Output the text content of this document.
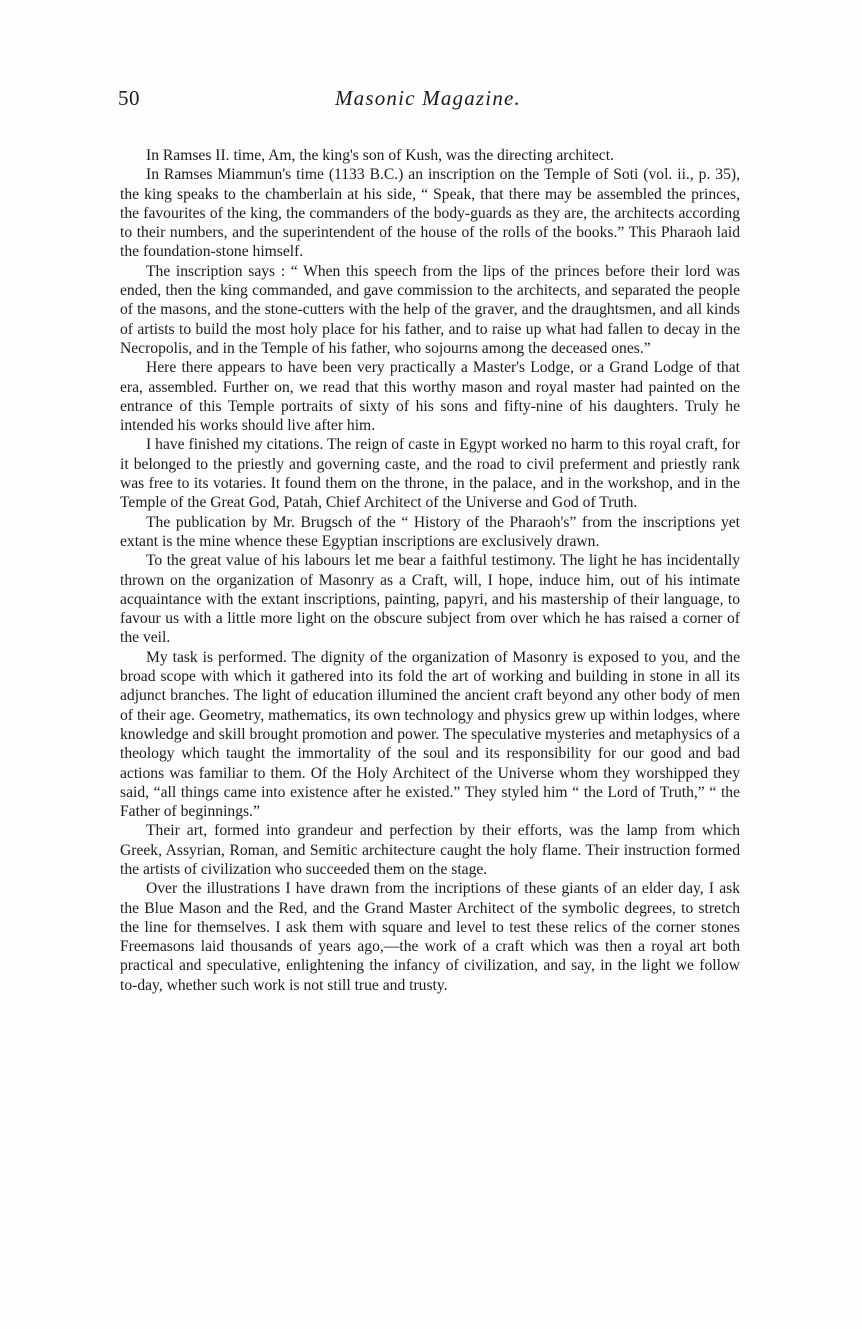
50	Masonic Magazine.

In Ramses II. time, Am, the king's son of Kush, was the directing architect.

In Ramses Miammun's time (1133 B.C.) an inscription on the Temple of Soti (vol. ii., p. 35), the king speaks to the chamberlain at his side, “ Speak, that there may be assembled the princes, the favourites of the king, the commanders of the body-guards as they are, the architects according to their numbers, and the superintendent of the house of the rolls of the books.” This Pharaoh laid the foundation-stone himself.

The inscription says : “ When this speech from the lips of the princes before their lord was ended, then the king commanded, and gave commission to the architects, and separated the people of the masons, and the stone-cutters with the help of the graver, and the draughtsmen, and all kinds of artists to build the most holy place for his father, and to raise up what had fallen to decay in the Necropolis, and in the Temple of his father, who sojourns among the deceased ones.”

Here there appears to have been very practically a Master's Lodge, or a Grand Lodge of that era, assembled. Further on, we read that this worthy mason and royal master had painted on the entrance of this Temple portraits of sixty of his sons and fifty-nine of his daughters. Truly he intended his works should live after him.

I have finished my citations. The reign of caste in Egypt worked no harm to this royal craft, for it belonged to the priestly and governing caste, and the road to civil preferment and priestly rank was free to its votaries. It found them on the throne, in the palace, and in the workshop, and in the Temple of the Great God, Patah, Chief Architect of the Universe and God of Truth.

The publication by Mr. Brugsch of the “ History of the Pharaoh's” from the inscriptions yet extant is the mine whence these Egyptian inscriptions are exclusively drawn.

To the great value of his labours let me bear a faithful testimony. The light he has incidentally thrown on the organization of Masonry as a Craft, will, I hope, induce him, out of his intimate acquaintance with the extant inscriptions, painting, papyri, and his mastership of their language, to favour us with a little more light on the obscure subject from over which he has raised a corner of the veil.

My task is performed. The dignity of the organization of Masonry is exposed to you, and the broad scope with which it gathered into its fold the art of working and building in stone in all its adjunct branches. The light of education illumined the ancient craft beyond any other body of men of their age. Geometry, mathematics, its own technology and physics grew up within lodges, where knowledge and skill brought promotion and power. The speculative mysteries and metaphysics of a theology which taught the immortality of the soul and its responsibility for our good and bad actions was familiar to them. Of the Holy Architect of the Universe whom they worshipped they said, “all things came into existence after he existed.” They styled him “ the Lord of Truth,” “ the Father of beginnings.”

Their art, formed into grandeur and perfection by their efforts, was the lamp from which Greek, Assyrian, Roman, and Semitic architecture caught the holy flame. Their instruction formed the artists of civilization who succeeded them on the stage.

Over the illustrations I have drawn from the incriptions of these giants of an elder day, I ask the Blue Mason and the Red, and the Grand Master Architect of the symbolic degrees, to stretch the line for themselves. I ask them with square and level to test these relics of the corner stones Freemasons laid thousands of years ago,—the work of a craft which was then a royal art both practical and speculative, enlightening the infancy of civilization, and say, in the light we follow to-day, whether such work is not still true and trusty.
